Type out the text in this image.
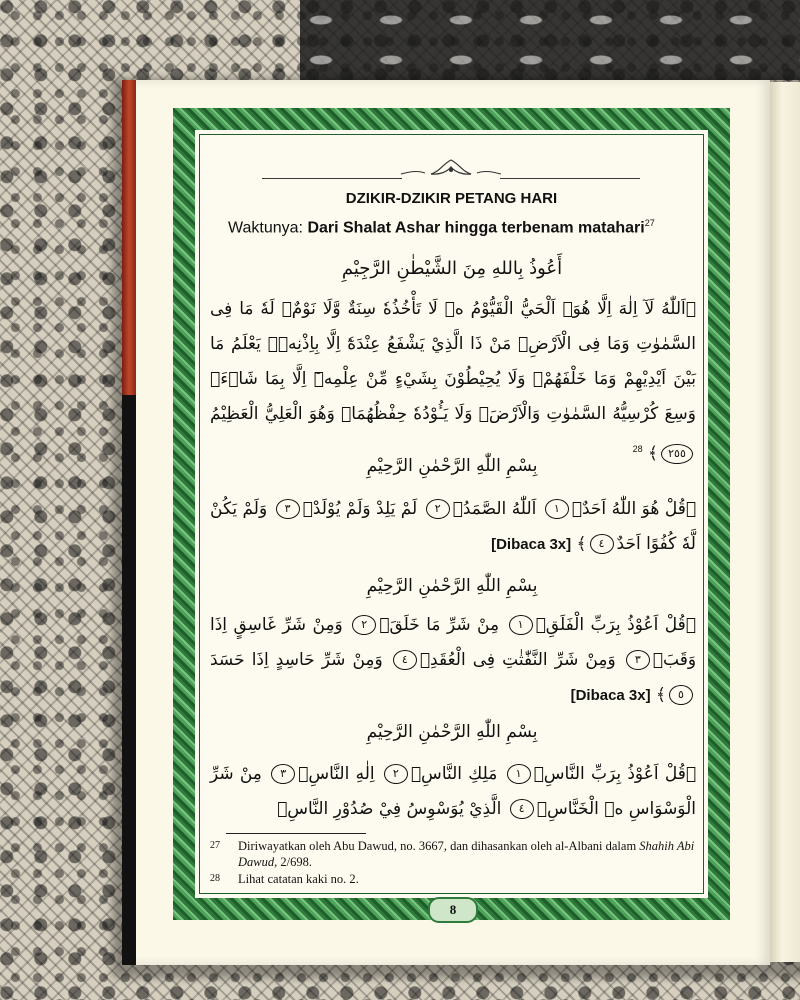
DZIKIR-DZIKIR PETANG HARI
Waktunya: Dari Shalat Ashar hingga terbenam matahari$^{27}$
أَعُوذُ بِاللهِ مِنَ الشَّيْطٰنِ الرَّجِيْمِ
﴿اَللّٰهُ لَآ اِلٰهَ اِلَّا هُوَۚ اَلْحَيُّ الْقَيُّوْمُ ەۚ لَا تَأْخُذُهٗ سِنَةٌ وَّلَا نَوْمٌۗ لَهٗ مَا فِى السَّمٰوٰتِ وَمَا فِى الْاَرْضِۗ مَنْ ذَا الَّذِيْ يَشْفَعُ عِنْدَهٗٓ اِلَّا بِاِذْنِهٖۗ يَعْلَمُ مَا بَيْنَ اَيْدِيْهِمْ وَمَا خَلْفَهُمْۚ وَلَا يُحِيْطُوْنَ بِشَيْءٍ مِّنْ عِلْمِهٖٓ اِلَّا بِمَا شَاۤءَۚ وَسِعَ كُرْسِيُّهُ السَّمٰوٰتِ وَالْاَرْضَۚ وَلَا يَـُٔوْدُهٗ حِفْظُهُمَاۚ وَهُوَ الْعَلِيُّ الْعَظِيْمُ ٢٥٥﴾ $^{28}$
بِسْمِ اللّٰهِ الرَّحْمٰنِ الرَّحِيْمِ
﴿قُلْ هُوَ اللّٰهُ اَحَدٌۚ١ اَللّٰهُ الصَّمَدُۚ٢ لَمْ يَلِدْ وَلَمْ يُوْلَدْۙ٣ وَلَمْ يَكُنْ لَّهٗ كُفُوًا اَحَدٌ٤﴾ [Dibaca 3x]
بِسْمِ اللّٰهِ الرَّحْمٰنِ الرَّحِيْمِ
﴿قُلْ اَعُوْذُ بِرَبِّ الْفَلَقِۙ١ مِنْ شَرِّ مَا خَلَقَۙ٢ وَمِنْ شَرِّ غَاسِقٍ اِذَا وَقَبَۙ٣ وَمِنْ شَرِّ النَّفّٰثٰتِ فِى الْعُقَدِۙ٤ وَمِنْ شَرِّ حَاسِدٍ اِذَا حَسَدَ٥﴾ [Dibaca 3x]
بِسْمِ اللّٰهِ الرَّحْمٰنِ الرَّحِيْمِ
﴿قُلْ اَعُوْذُ بِرَبِّ النَّاسِۙ١ مَلِكِ النَّاسِۙ٢ اِلٰهِ النَّاسِۙ٣ مِنْ شَرِّ الْوَسْوَاسِ ەۙ الْخَنَّاسِۖ٤ الَّذِيْ يُوَسْوِسُ فِيْ صُدُوْرِ النَّاسِۙ
27	Diriwayatkan oleh Abu Dawud, no. 3667, dan dihasankan oleh al-Albani dalam Shahih Abi Dawud, 2/698.
28	Lihat catatan kaki no. 2.
8
